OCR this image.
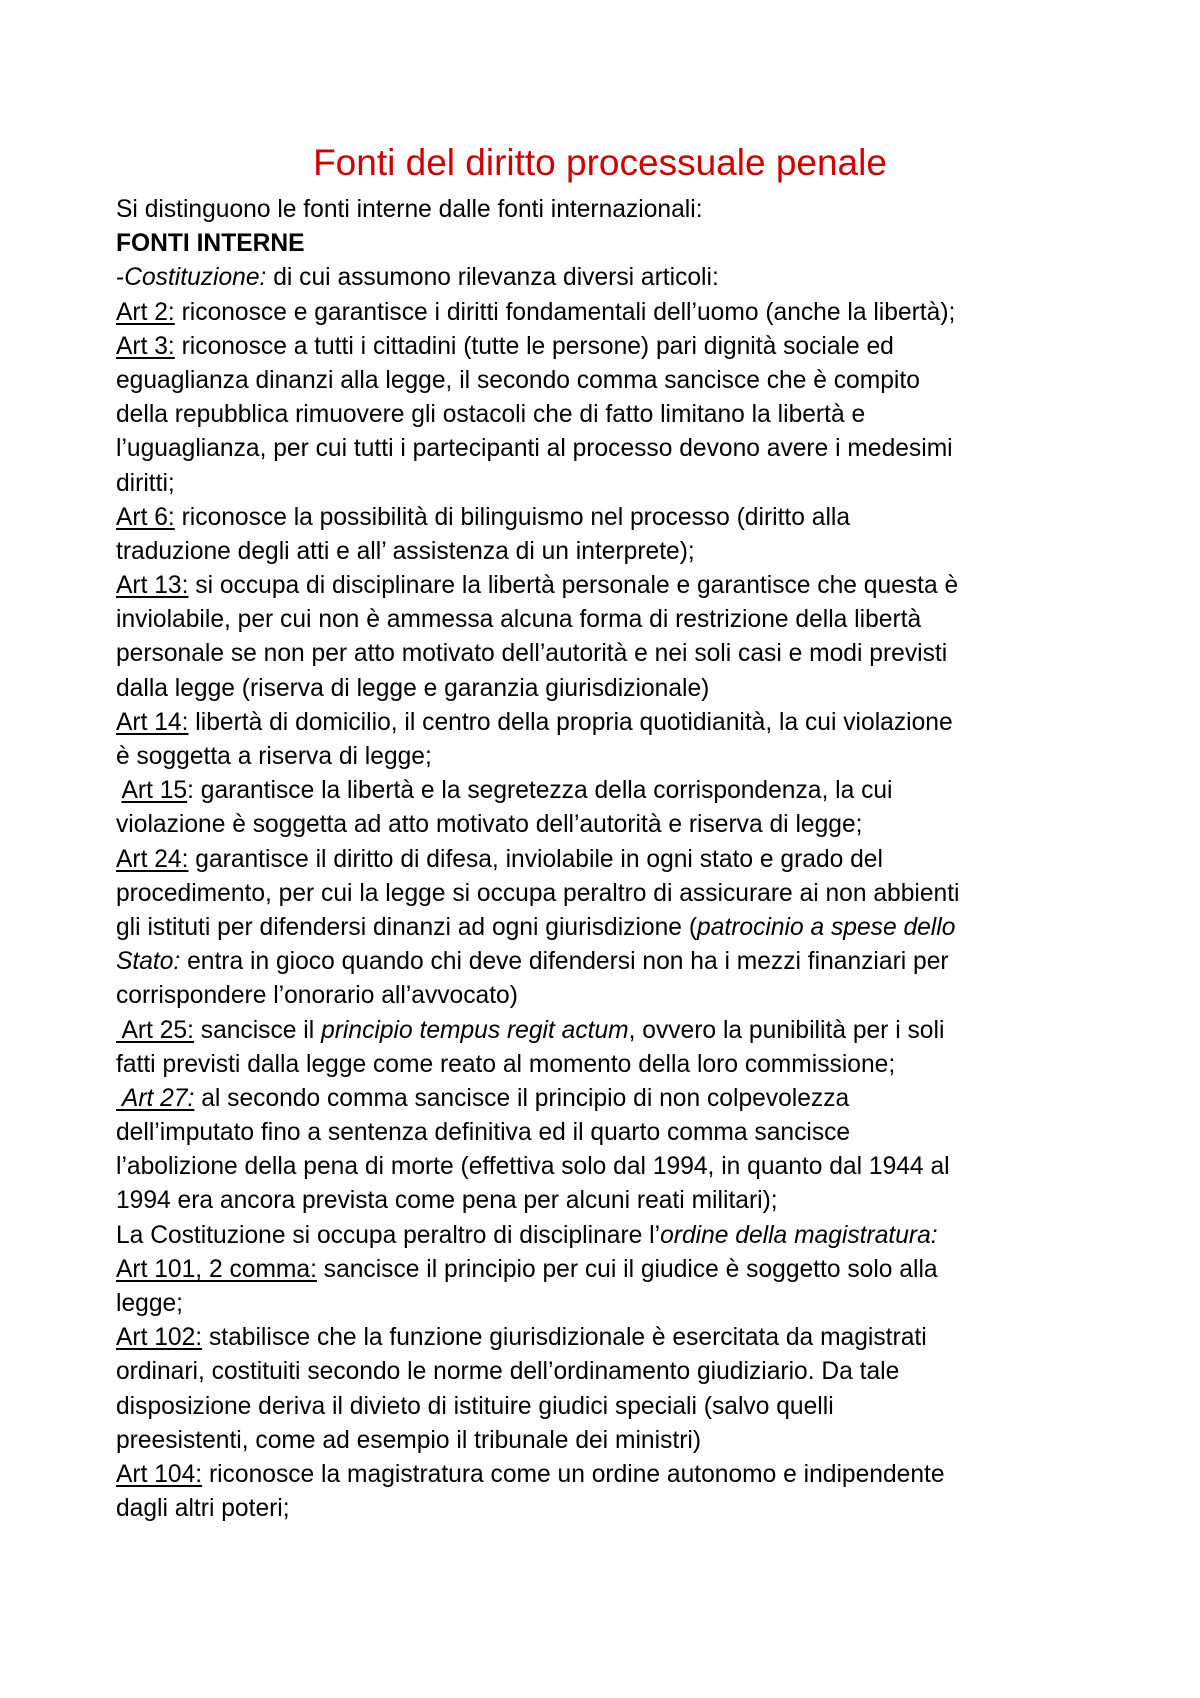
Fonti del diritto processuale penale
Si distinguono le fonti interne dalle fonti internazionali:
FONTI INTERNE
-Costituzione: di cui assumono rilevanza diversi articoli:
Art 2: riconosce e garantisce i diritti fondamentali dell’uomo (anche la libertà);
Art 3: riconosce a tutti i cittadini (tutte le persone) pari dignità sociale ed
eguaglianza dinanzi alla legge, il secondo comma sancisce che è compito
della repubblica rimuovere gli ostacoli che di fatto limitano la libertà e
l’uguaglianza, per cui tutti i partecipanti al processo devono avere i medesimi
diritti;
Art 6: riconosce la possibilità di bilinguismo nel processo (diritto alla
traduzione degli atti e all’ assistenza di un interprete);
Art 13: si occupa di disciplinare la libertà personale e garantisce che questa è
inviolabile, per cui non è ammessa alcuna forma di restrizione della libertà
personale se non per atto motivato dell’autorità e nei soli casi e modi previsti
dalla legge (riserva di legge e garanzia giurisdizionale)
Art 14: libertà di domicilio, il centro della propria quotidianità, la cui violazione
è soggetta a riserva di legge;
Art 15: garantisce la libertà e la segretezza della corrispondenza, la cui
violazione è soggetta ad atto motivato dell’autorità e riserva di legge;
Art 24: garantisce il diritto di difesa, inviolabile in ogni stato e grado del
procedimento, per cui la legge si occupa peraltro di assicurare ai non abbienti
gli istituti per difendersi dinanzi ad ogni giurisdizione (patrocinio a spese dello
Stato: entra in gioco quando chi deve difendersi non ha i mezzi finanziari per
corrispondere l’onorario all’avvocato)
Art 25: sancisce il principio tempus regit actum, ovvero la punibilità per i soli
fatti previsti dalla legge come reato al momento della loro commissione;
Art 27: al secondo comma sancisce il principio di non colpevolezza
dell’imputato fino a sentenza definitiva ed il quarto comma sancisce
l’abolizione della pena di morte (effettiva solo dal 1994, in quanto dal 1944 al
1994 era ancora prevista come pena per alcuni reati militari);
La Costituzione si occupa peraltro di disciplinare l’ordine della magistratura:
Art 101, 2 comma: sancisce il principio per cui il giudice è soggetto solo alla
legge;
Art 102: stabilisce che la funzione giurisdizionale è esercitata da magistrati
ordinari, costituiti secondo le norme dell’ordinamento giudiziario. Da tale
disposizione deriva il divieto di istituire giudici speciali (salvo quelli
preesistenti, come ad esempio il tribunale dei ministri)
Art 104: riconosce la magistratura come un ordine autonomo e indipendente
dagli altri poteri;
